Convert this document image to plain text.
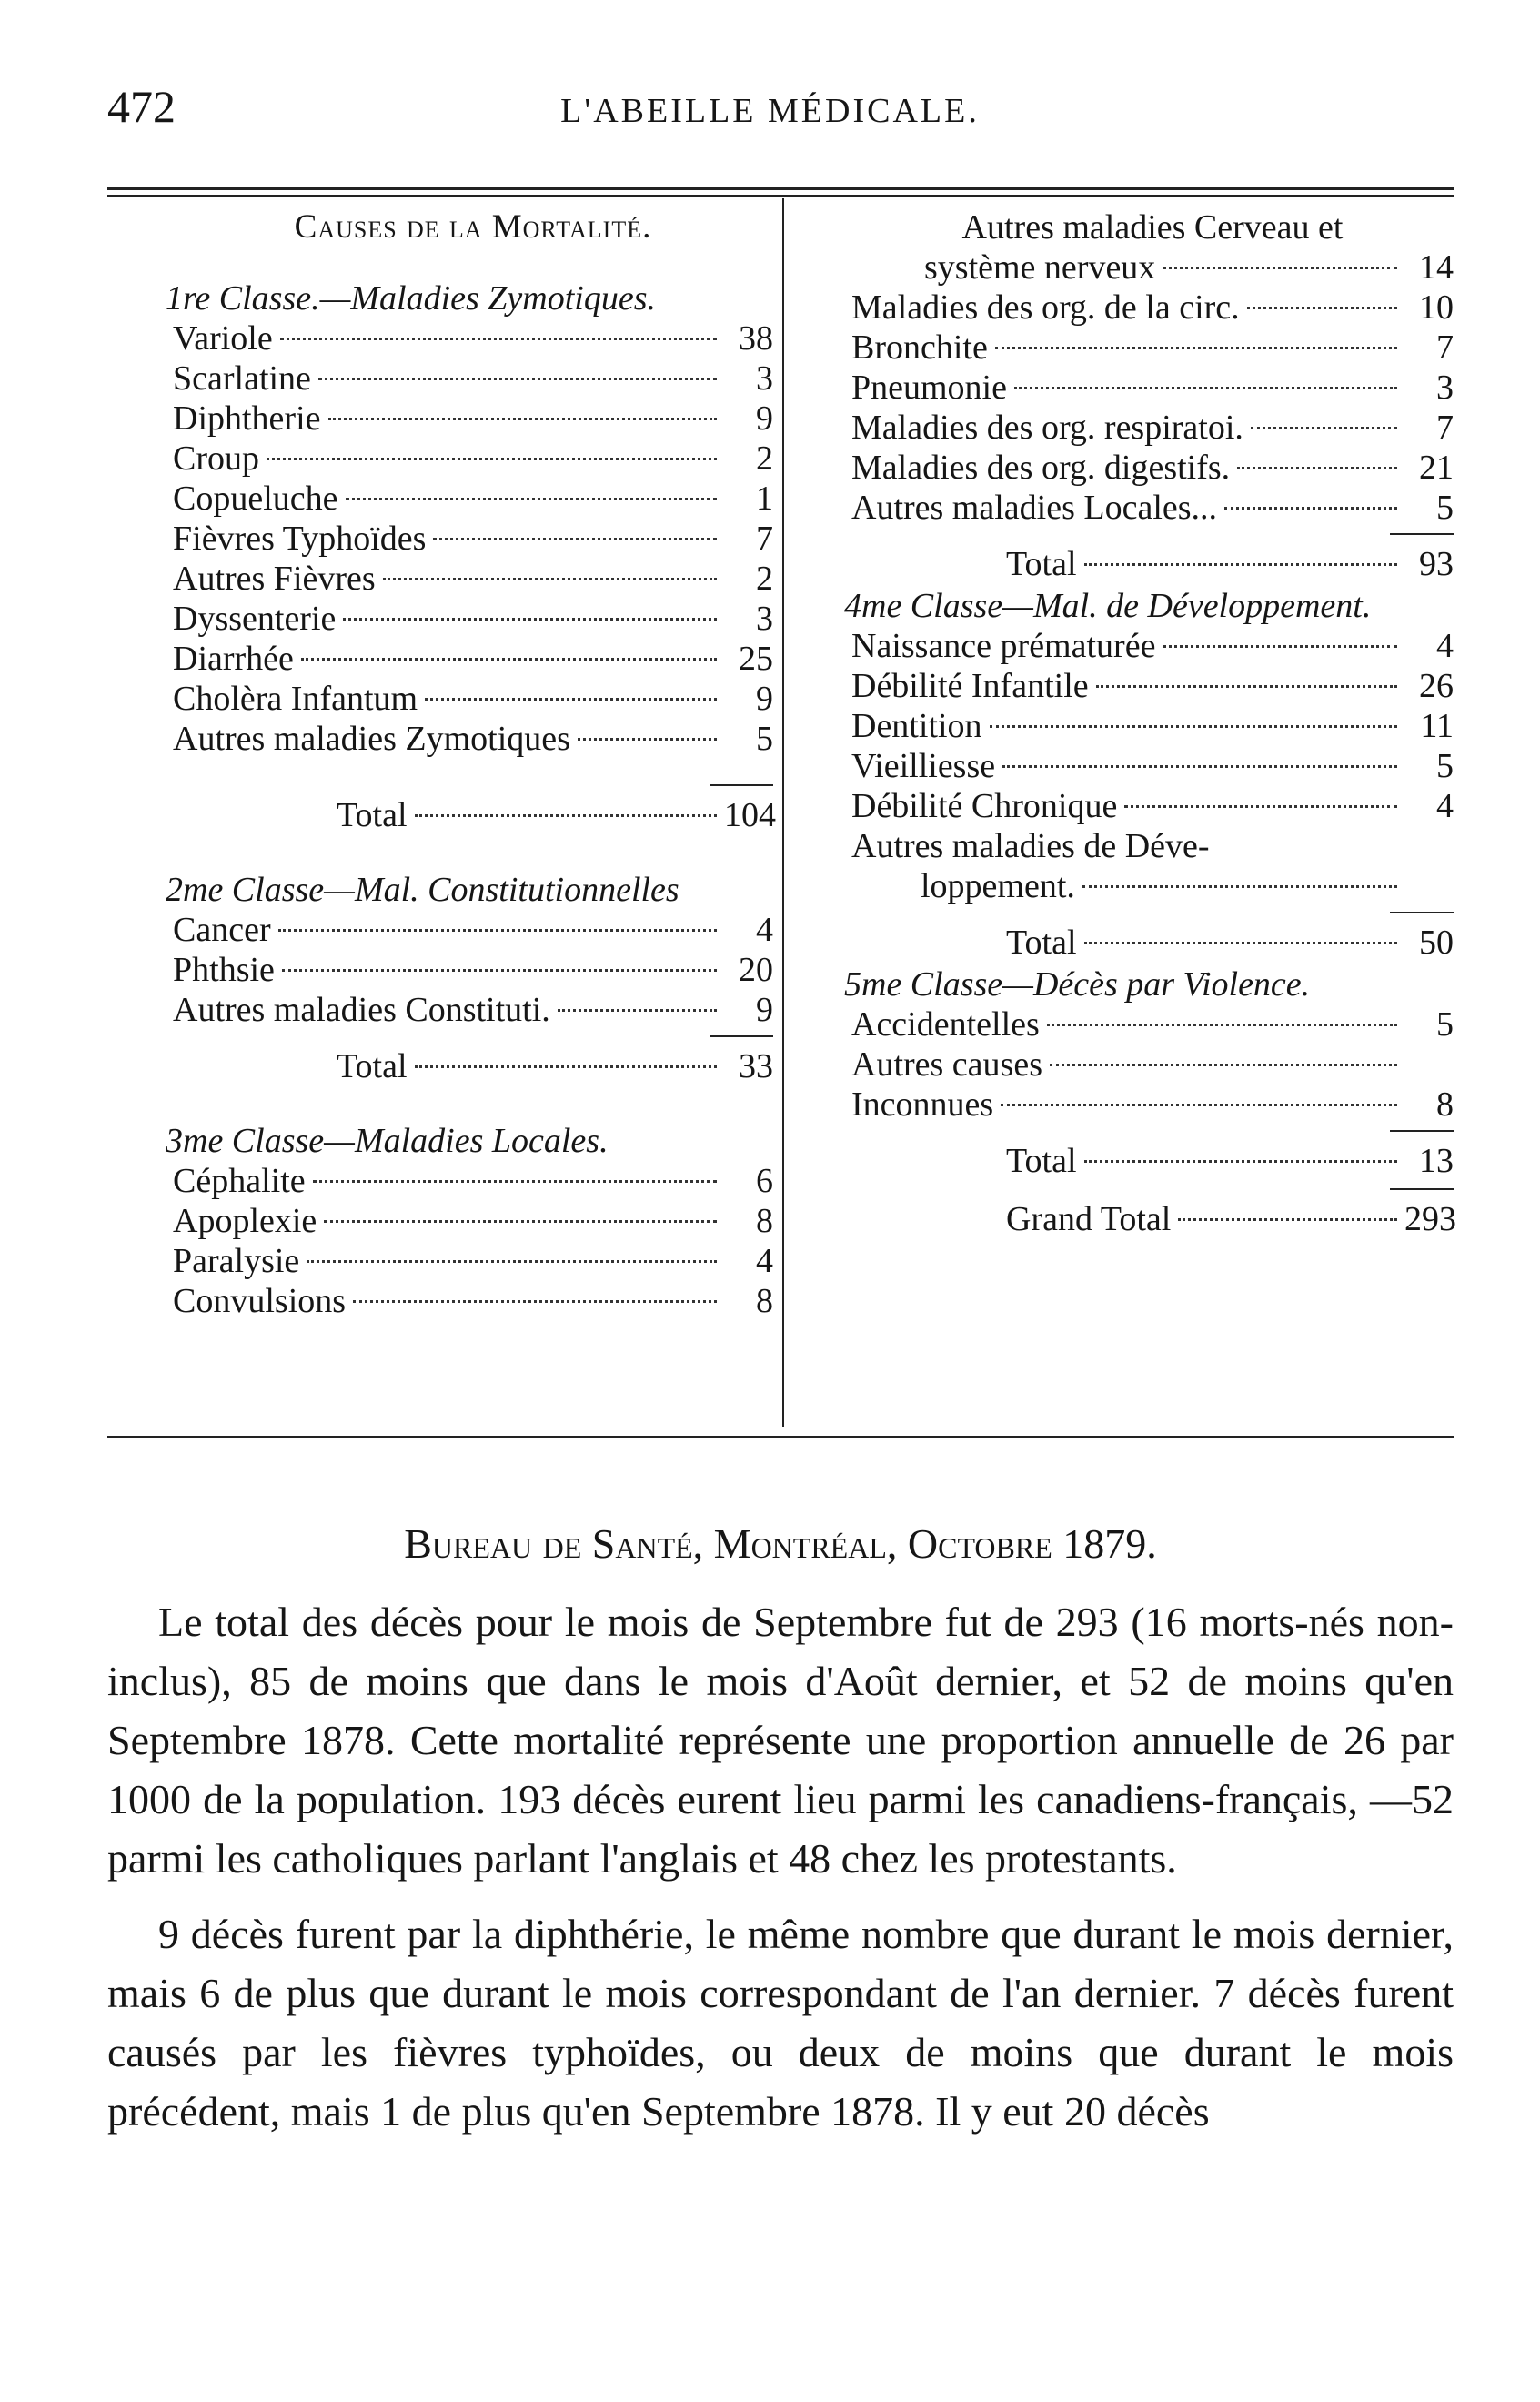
472	L'ABEILLE MÉDICALE.
Causes de la Mortalité.
1re Classe.—Maladies Zymotiques.
Variole	38
Scarlatine	3
Diphtherie	9
Croup	2
Copueluche	1
Fièvres Typhoïdes	7
Autres Fièvres	2
Dyssenterie	3
Diarrhée	25
Cholèra Infantum	9
Autres maladies Zymotiques	5
Total	104
2me Classe—Mal. Constitutionnelles
Cancer	4
Phthsie	20
Autres maladies Constituti.	9
Total	33
3me Classe—Maladies Locales.
Céphalite	6
Apoplexie	8
Paralysie	4
Convulsions	8
Autres maladies Cerveau et
système nerveux	14
Maladies des org. de la circ.	10
Bronchite	7
Pneumonie	3
Maladies des org. respiratoi.	7
Maladies des org. digestifs.	21
Autres maladies Locales...	5
Total	93
4me Classe—Mal. de Développement.
Naissance prématurée	4
Débilité Infantile	26
Dentition	11
Vieilliesse	5
Débilité Chronique	4
Autres maladies de Déve-
loppement.
Total	50
5me Classe—Décès par Violence.
Accidentelles	5
Autres causes
Inconnues	8
Total	13
Grand Total	293
Bureau de Santé, Montréal, Octobre 1879.

Le total des décès pour le mois de Septembre fut de 293 (16 morts-nés non-inclus), 85 de moins que dans le mois d'Août dernier, et 52 de moins qu'en Septembre 1878. Cette mortalité représente une proportion annuelle de 26 par 1000 de la population. 193 décès eurent lieu parmi les canadiens-français, —52 parmi les catholiques parlant l'anglais et 48 chez les protestants.

9 décès furent par la diphthérie, le même nombre que durant le mois dernier, mais 6 de plus que durant le mois correspondant de l'an dernier. 7 décès furent causés par les fièvres typhoïdes, ou deux de moins que durant le mois précédent, mais 1 de plus qu'en Septembre 1878. Il y eut 20 décès
